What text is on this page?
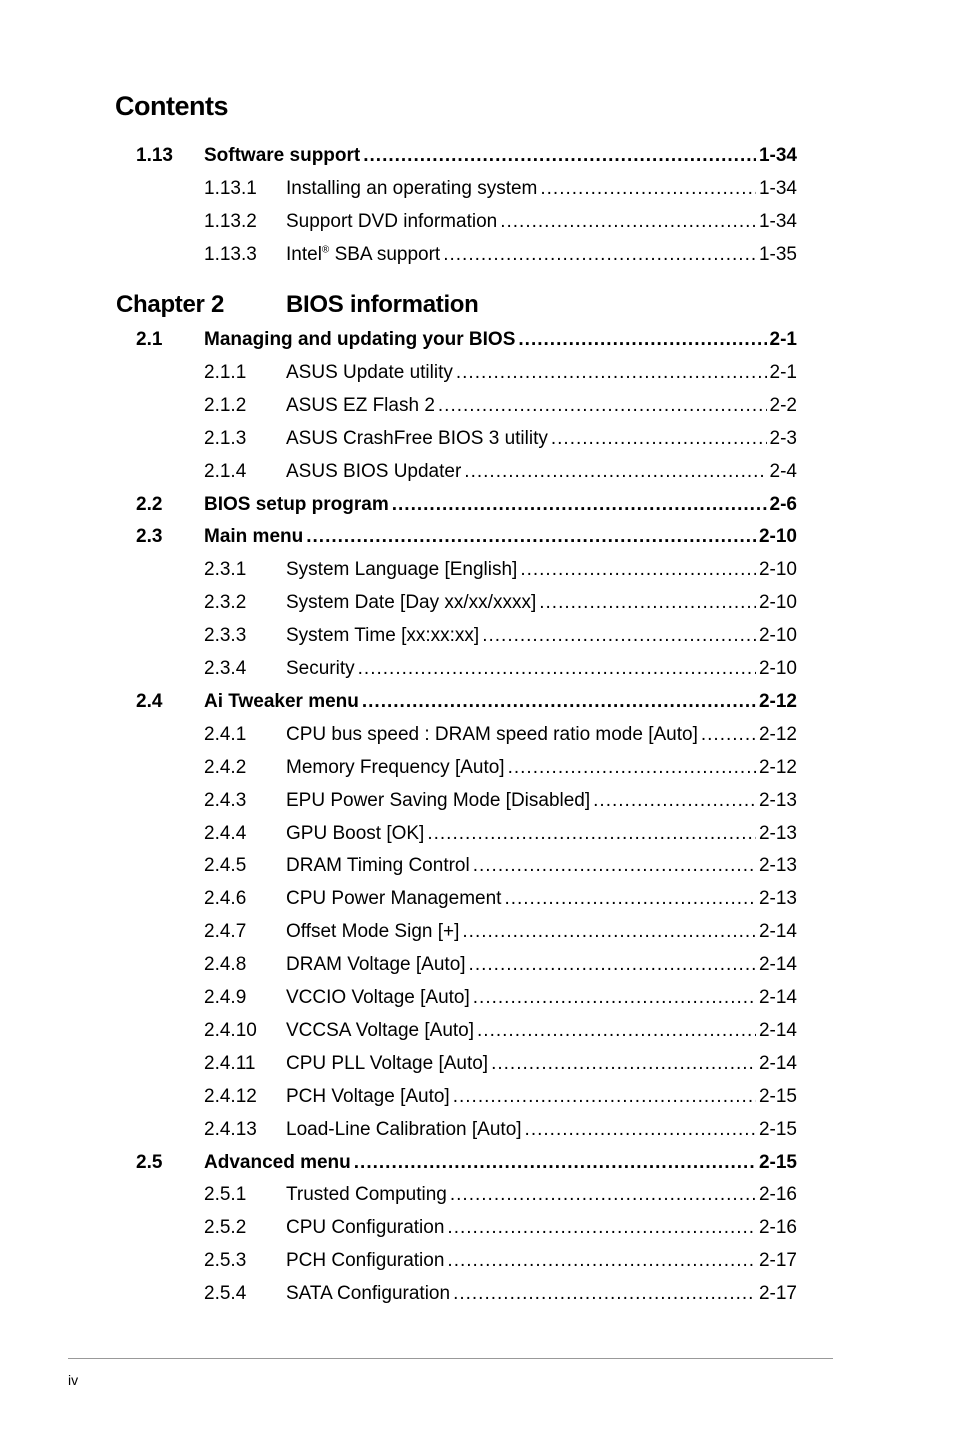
Contents
1.13 Software support .....	1-34
1.13.1 Installing an operating system .....	1-34
1.13.2 Support DVD information .....	1-34
1.13.3 Intel® SBA support .....	1-35
2.1 Managing and updating your BIOS .....	2-1
2.1.1 ASUS Update utility .....	2-1
2.1.2 ASUS EZ Flash 2 .....	2-2
2.1.3 ASUS CrashFree BIOS 3 utility .....	2-3
2.1.4 ASUS BIOS Updater .....	2-4
2.2 BIOS setup program .....	2-6
2.3 Main menu .....	2-10
2.3.1 System Language [English] .....	2-10
2.3.2 System Date [Day xx/xx/xxxx] .....	2-10
2.3.3 System Time [xx:xx:xx] .....	2-10
2.3.4 Security .....	2-10
2.4 Ai Tweaker menu .....	2-12
2.4.1 CPU bus speed : DRAM speed ratio mode [Auto] .....	2-12
2.4.2 Memory Frequency [Auto] .....	2-12
2.4.3 EPU Power Saving Mode [Disabled] .....	2-13
2.4.4 GPU Boost [OK] .....	2-13
2.4.5 DRAM Timing Control .....	2-13
2.4.6 CPU Power Management .....	2-13
2.4.7 Offset Mode Sign [+] .....	2-14
2.4.8 DRAM Voltage [Auto] .....	2-14
2.4.9 VCCIO Voltage [Auto] .....	2-14
2.4.10 VCCSA Voltage [Auto] .....	2-14
2.4.11 CPU PLL Voltage [Auto] .....	2-14
2.4.12 PCH Voltage [Auto] .....	2-15
2.4.13 Load-Line Calibration [Auto] .....	2-15
2.5 Advanced menu .....	2-15
2.5.1 Trusted Computing .....	2-16
2.5.2 CPU Configuration .....	2-16
2.5.3 PCH Configuration .....	2-17
2.5.4 SATA Configuration .....	2-17
Chapter 2	BIOS information
iv
